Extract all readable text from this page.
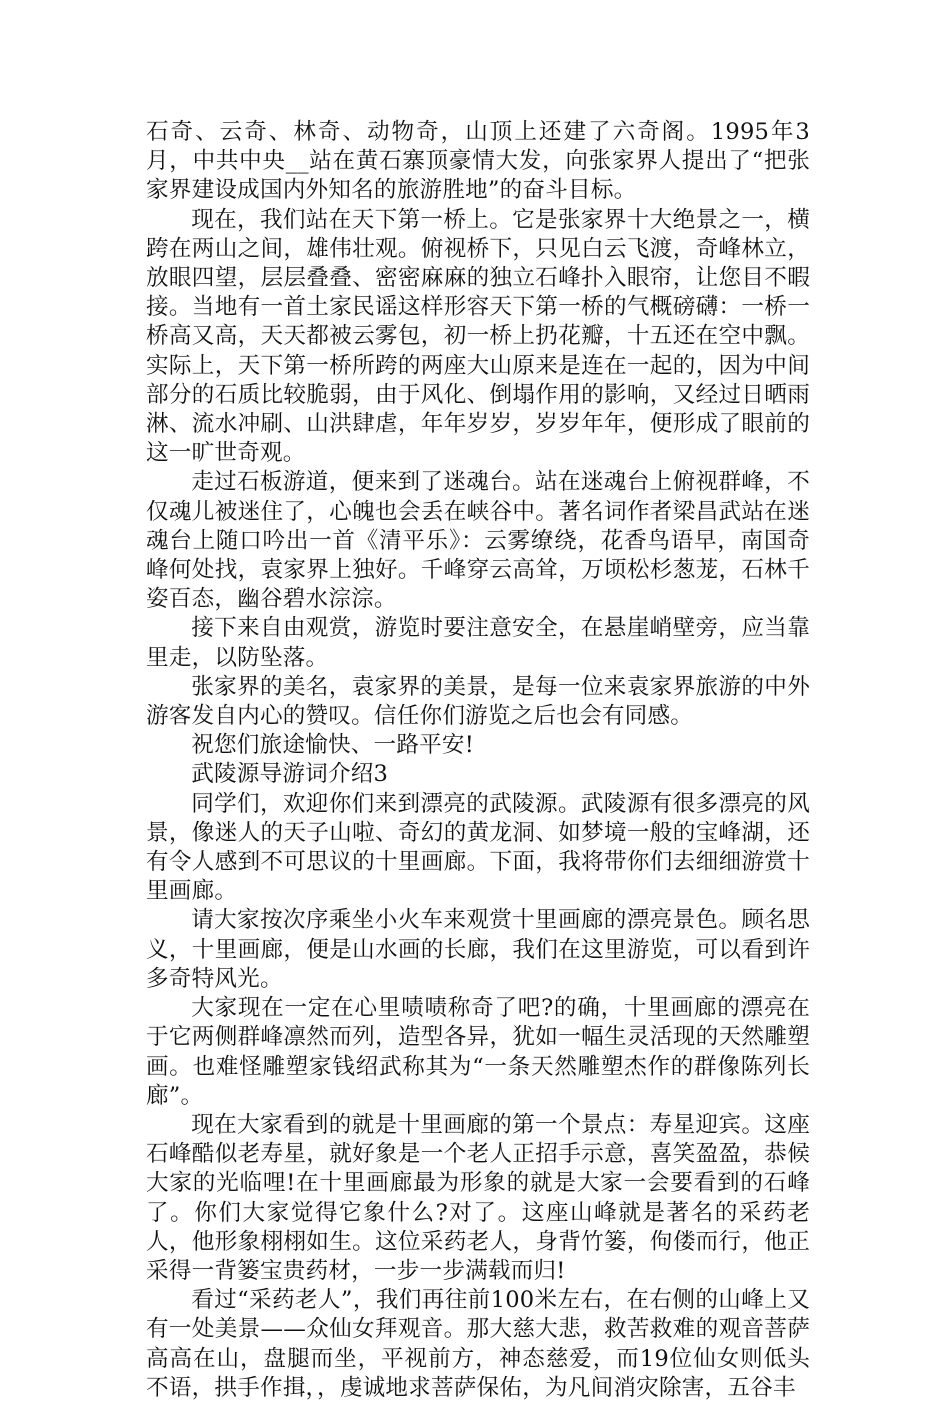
石奇、云奇、林奇、动物奇，山顶上还建了六奇阁。1995年3月，中共中央__站在黄石寨顶豪情大发，向张家界人提出了“把张家界建设成国内外知名的旅游胜地”的奋斗目标。

现在，我们站在天下第一桥上。它是张家界十大绝景之一，横跨在两山之间，雄伟壮观。俯视桥下，只见白云飞渡，奇峰林立，放眼四望，层层叠叠、密密麻麻的独立石峰扑入眼帘，让您目不暇接。当地有一首土家民谣这样形容天下第一桥的气概磅礴：一桥一桥高又高，天天都被云雾包，初一桥上扔花瓣，十五还在空中飘。实际上，天下第一桥所跨的两座大山原来是连在一起的，因为中间部分的石质比较脆弱，由于风化、倒塌作用的影响，又经过日晒雨淋、流水冲刷、山洪肆虐，年年岁岁，岁岁年年，便形成了眼前的这一旷世奇观。

走过石板游道，便来到了迷魂台。站在迷魂台上俯视群峰，不仅魂儿被迷住了，心魄也会丢在峡谷中。著名词作者梁昌武站在迷魂台上随口吟出一首《清平乐》：云雾缭绕，花香鸟语早，南国奇峰何处找，袁家界上独好。千峰穿云高耸，万顷松杉葱茏，石林千姿百态，幽谷碧水淙淙。

接下来自由观赏，游览时要注意安全，在悬崖峭壁旁，应当靠里走，以防坠落。

张家界的美名，袁家界的美景，是每一位来袁家界旅游的中外游客发自内心的赞叹。信任你们游览之后也会有同感。

祝您们旅途愉快、一路平安!

武陵源导游词介绍3

同学们，欢迎你们来到漂亮的武陵源。武陵源有很多漂亮的风景，像迷人的天子山啦、奇幻的黄龙洞、如梦境一般的宝峰湖，还有令人感到不可思议的十里画廊。下面，我将带你们去细细游赏十里画廊。

请大家按次序乘坐小火车来观赏十里画廊的漂亮景色。顾名思义，十里画廊，便是山水画的长廊，我们在这里游览，可以看到许多奇特风光。

大家现在一定在心里啧啧称奇了吧?的确，十里画廊的漂亮在于它两侧群峰凛然而列，造型各异，犹如一幅生灵活现的天然雕塑画。也难怪雕塑家钱绍武称其为“一条天然雕塑杰作的群像陈列长廊”。

现在大家看到的就是十里画廊的第一个景点：寿星迎宾。这座石峰酷似老寿星，就好象是一个老人正招手示意，喜笑盈盈，恭候大家的光临哩!在十里画廊最为形象的就是大家一会要看到的石峰了。你们大家觉得它象什么?对了。这座山峰就是著名的采药老人，他形象栩栩如生。这位采药老人，身背竹篓，佝偻而行，他正采得一背篓宝贵药材，一步一步满载而归!

看过“采药老人”，我们再往前100米左右，在右侧的山峰上又有一处美景——众仙女拜观音。那大慈大悲，救苦救难的观音菩萨高高在山，盘腿而坐，平视前方，神态慈爱，而19位仙女则低头不语，拱手作揖，，虔诚地求菩萨保佑，为凡间消灾除害，五谷丰
